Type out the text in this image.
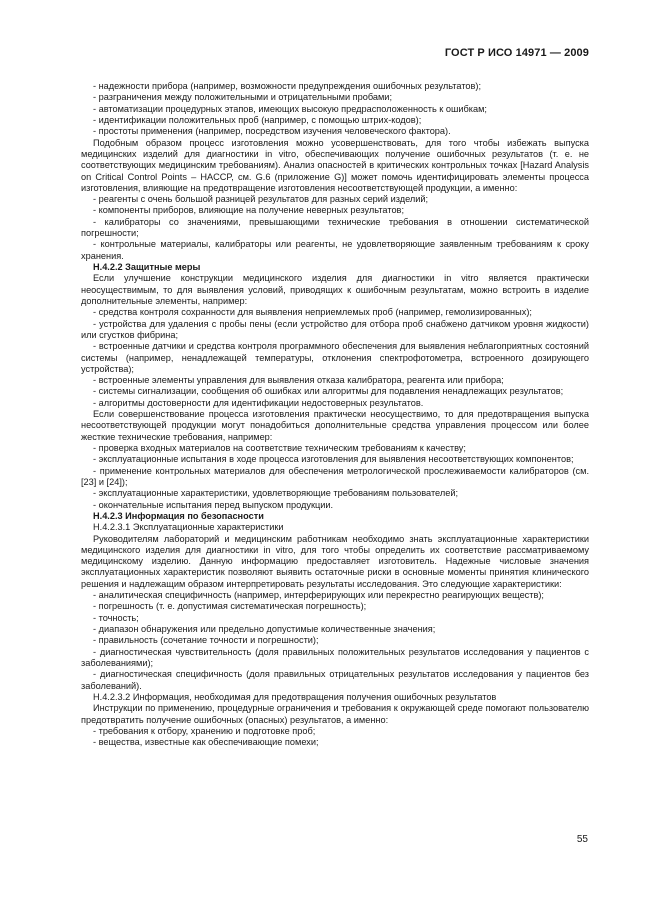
ГОСТ Р ИСО 14971 — 2009

- надежности прибора (например, возможности предупреждения ошибочных результатов);

- разграничения между положительными и отрицательными пробами;

- автоматизации процедурных этапов, имеющих высокую предрасположенность к ошибкам;

- идентификации положительных проб (например, с помощью штрих-кодов);

- простоты применения (например, посредством изучения человеческого фактора).

Подобным образом процесс изготовления можно усовершенствовать, для того чтобы избежать выпуска медицинских изделий для диагностики in vitro, обеспечивающих получение ошибочных результатов (т. е. не соответствующих медицинским требованиям). Анализ опасностей в критических контрольных точках [Hazard Analysis on Critical Control Points – HACCP, см. G.6 (приложение G)] может помочь идентифицировать элементы процесса изготовления, влияющие на предотвращение изготовления несоответствующей продукции, а именно:

- реагенты с очень большой разницей результатов для разных серий изделий;

- компоненты приборов, влияющие на получение неверных результатов;

- калибраторы со значениями, превышающими технические требования в отношении систематической погрешности;

- контрольные материалы, калибраторы или реагенты, не удовлетворяющие заявленным требованиям к сроку хранения.

H.4.2.2 Защитные меры

Если улучшение конструкции медицинского изделия для диагностики in vitro является практически неосуществимым, то для выявления условий, приводящих к ошибочным результатам, можно встроить в изделие дополнительные элементы, например:

- средства контроля сохранности для выявления неприемлемых проб (например, гемолизированных);

- устройства для удаления с пробы пены (если устройство для отбора проб снабжено датчиком уровня жидкости) или сгустков фибрина;

- встроенные датчики и средства контроля программного обеспечения для выявления неблагоприятных состояний системы (например, ненадлежащей температуры, отклонения спектрофотометра, встроенного дозирующего устройства);

- встроенные элементы управления для выявления отказа калибратора, реагента или прибора;

- системы сигнализации, сообщения об ошибках или алгоритмы для подавления ненадлежащих результатов;

- алгоритмы достоверности для идентификации недостоверных результатов.

Если совершенствование процесса изготовления практически неосуществимо, то для предотвращения выпуска несоответствующей продукции могут понадобиться дополнительные средства управления процессом или более жесткие технические требования, например:

- проверка входных материалов на соответствие техническим требованиям к качеству;

- эксплуатационные испытания в ходе процесса изготовления для выявления несоответствующих компонентов;

- применение контрольных материалов для обеспечения метрологической прослеживаемости калибраторов (см. [23] и [24]);

- эксплуатационные характеристики, удовлетворяющие требованиям пользователей;

- окончательные испытания перед выпуском продукции.

H.4.2.3 Информация по безопасности

H.4.2.3.1 Эксплуатационные характеристики

Руководителям лабораторий и медицинским работникам необходимо знать эксплуатационные характеристики медицинского изделия для диагностики in vitro, для того чтобы определить их соответствие рассматриваемому медицинскому изделию. Данную информацию предоставляет изготовитель. Надежные числовые значения эксплуатационных характеристик позволяют выявить остаточные риски в основные моменты принятия клинического решения и надлежащим образом интерпретировать результаты исследования. Это следующие характеристики:

- аналитическая специфичность (например, интерферирующих или перекрестно реагирующих веществ);

- погрешность (т. е. допустимая систематическая погрешность);

- точность;

- диапазон обнаружения или предельно допустимые количественные значения;

- правильность (сочетание точности и погрешности);

- диагностическая чувствительность (доля правильных положительных результатов исследования у пациентов с заболеваниями);

- диагностическая специфичность (доля правильных отрицательных результатов исследования у пациентов без заболеваний).

H.4.2.3.2 Информация, необходимая для предотвращения получения ошибочных результатов

Инструкции по применению, процедурные ограничения и требования к окружающей среде помогают пользователю предотвратить получение ошибочных (опасных) результатов, а именно:

- требования к отбору, хранению и подготовке проб;

- вещества, известные как обеспечивающие помехи;

55
